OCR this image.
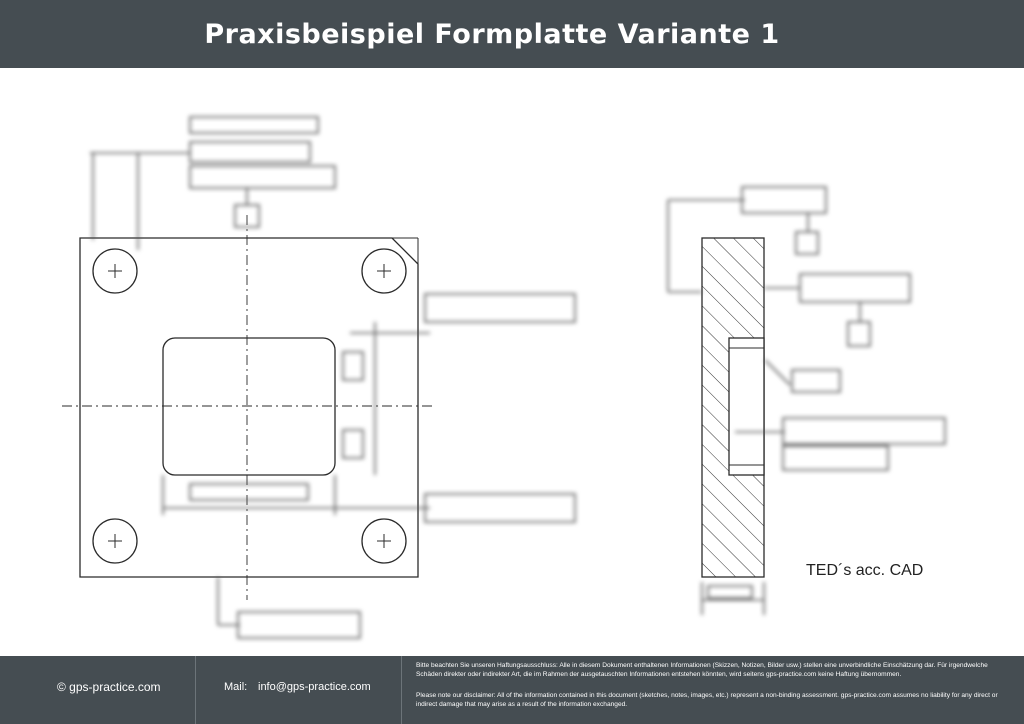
Praxisbeispiel Formplatte Variante 1
TED´s acc. CAD
© gps-practice.com	Mail: info@gps-practice.com

Bitte beachten Sie unseren Haftungsausschluss: Alle in diesem Dokument enthaltenen Informationen (Skizzen, Notizen, Bilder usw.) stellen eine unverbindliche Einschätzung dar. Für irgendwelche Schäden direkter oder indirekter Art, die im Rahmen der ausgetauschten Informationen entstehen könnten, wird seitens gps-practice.com keine Haftung übernommen.

Please note our disclaimer: All of the information contained in this document (sketches, notes, images, etc.) represent a non-binding assessment. gps-practice.com assumes no liability for any direct or indirect damage that may arise as a result of the information exchanged.
